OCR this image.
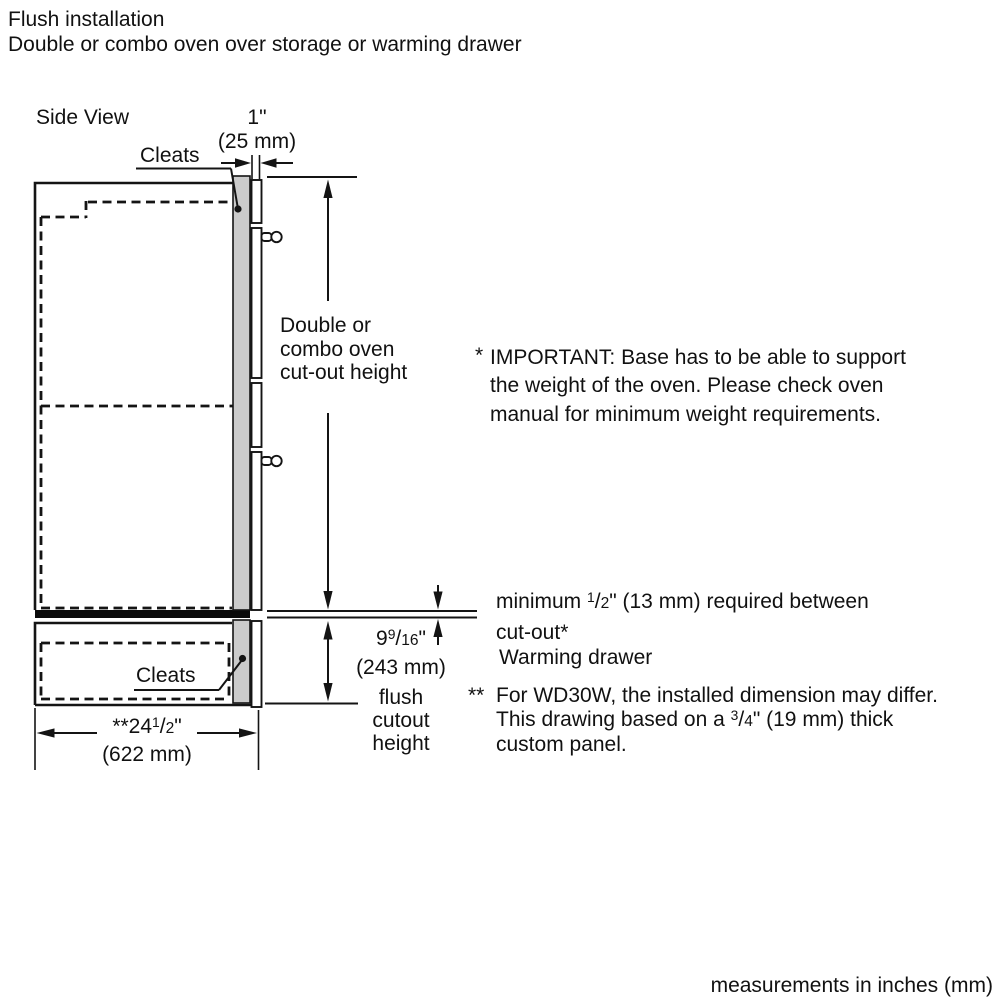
Flush installation
Double or combo oven over storage or warming drawer
Side View	1"
(25 mm)
Cleats
Double or
combo oven
cut-out height
* IMPORTANT: Base has to be able to support
the weight of the oven. Please check oven
manual for minimum weight requirements.
minimum $^1$/2" (13 mm) required between
cut-out*
Warming drawer
** For WD30W, the installed dimension may differ.
This drawing based on a $^3$/4" (19 mm) thick
custom panel.
$9^9/16$"
(243 mm)
flush
cutout
height
Cleats
$**24^1/2$"
(622 mm)
measurements in inches (mm)
